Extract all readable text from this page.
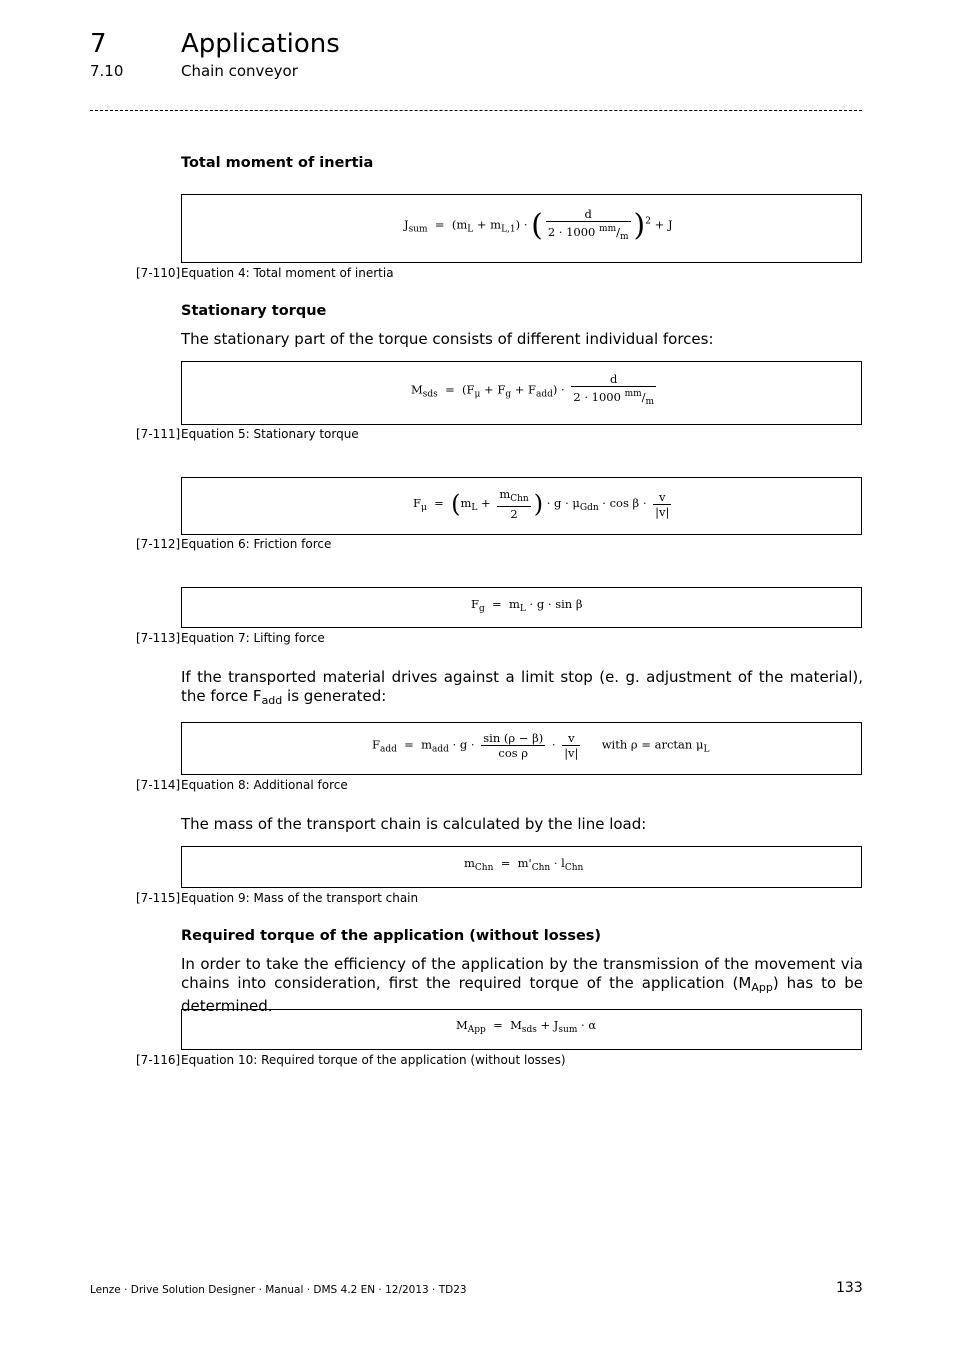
7	Applications
7.10	Chain conveyor
Total moment of inertia
$J_{sum} = (m_L + m_{L,1})$ · ( $\frac{d}{2 \cdot 1000 ^{mm}/_m} )^2 + J$
[7-110] Equation 4: Total moment of inertia
Stationary torque
The stationary part of the torque consists of different individual forces:
$M_{sds} = (F_\mu + F_g + F_{add}) \cdot \frac{d}{2 \cdot 1000 ^{mm}/_m}$
[7-111] Equation 5: Stationary torque
$F_\mu = (m_L + \frac{m_{Chn}}{2}$ ) · $g \cdot \mu_{Gdn} \cdot \cos \beta \cdot \frac{v}{|v|}$
[7-112] Equation 6: Friction force
$F_g = m_L \cdot g \cdot \sin \beta$
[7-113] Equation 7: Lifting force
If the transported material drives against a limit stop (e. g. adjustment of the material), the force $F_{add}$ is generated:
$F_{add} = m_{add} \cdot g \cdot \frac{\sin (\rho - \beta)}{\text{cos ρ}} \cdot \frac{v}{|v|}$ with $\rho = \arctan \mu_L$
[7-114] Equation 8: Additional force
The mass of the transport chain is calculated by the line load:
$m_{Chn} = m'_{Chn} \cdot l_{Chn}$
[7-115] Equation 9: Mass of the transport chain
Required torque of the application (without losses)
In order to take the efficiency of the application by the transmission of the movement via chains into consideration, first the required torque of the application $(M_{App})$ has to be determined.
$M_{App} = M_{sds} + J_{sum} \cdot \alpha$
[7-116] Equation 10: Required torque of the application (without losses)
Lenze · Drive Solution Designer · Manual · DMS 4.2 EN · 12/2013 · TD23	133
